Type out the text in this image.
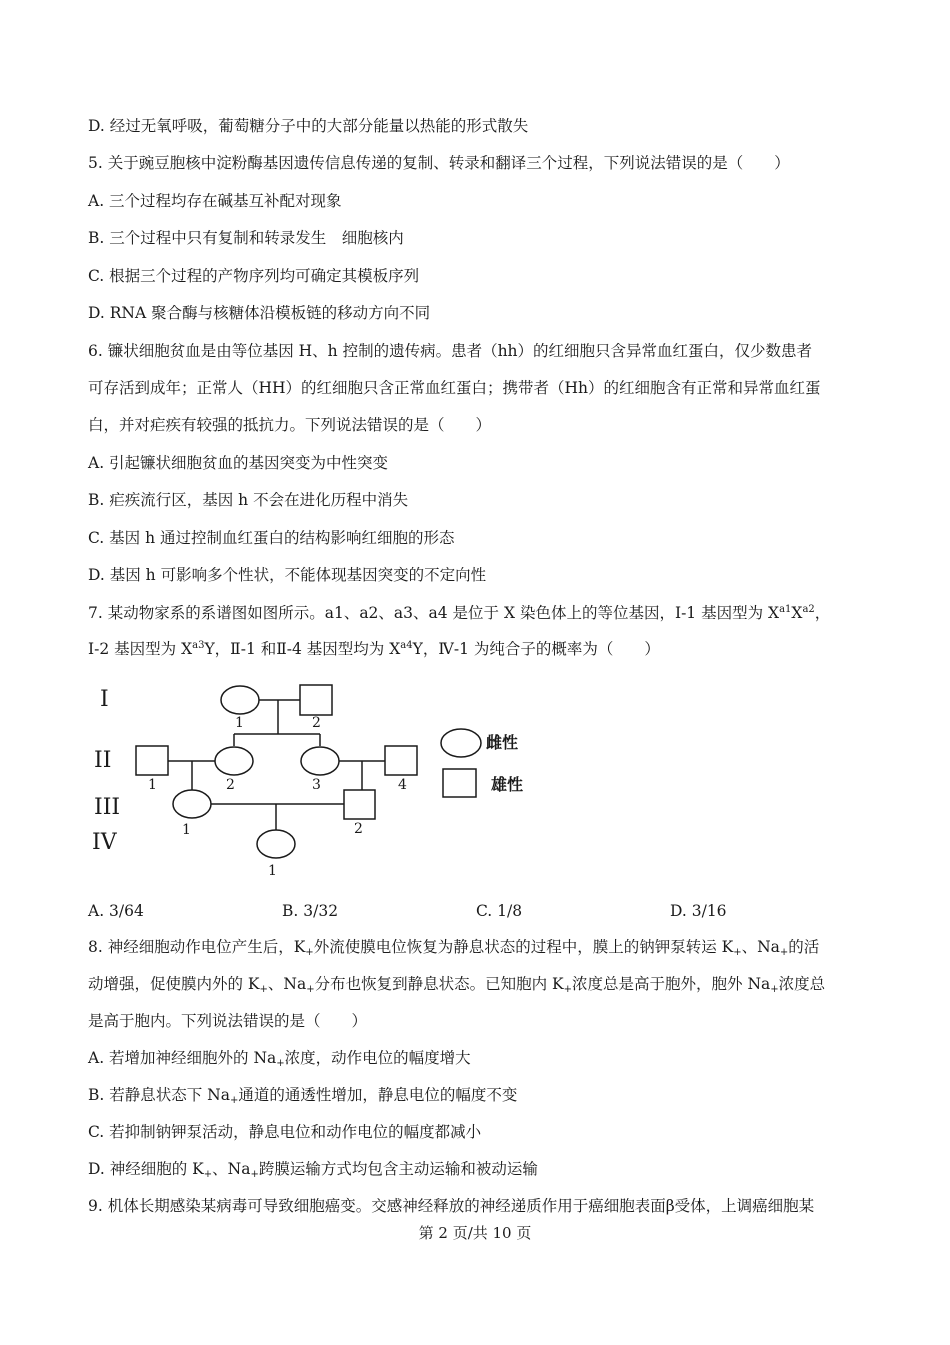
D. 经过无氧呼吸，葡萄糖分子中的大部分能量以热能的形式散失
5. 关于豌豆胞核中淀粉酶基因遗传信息传递的复制、转录和翻译三个过程，下列说法错误的是（　　）
A. 三个过程均存在碱基互补配对现象
B. 三个过程中只有复制和转录发生　细胞核内
C. 根据三个过程的产物序列均可确定其模板序列
D. RNA 聚合酶与核糖体沿模板链的移动方向不同
6. 镰状细胞贫血是由等位基因 H、h 控制的遗传病。患者（hh）的红细胞只含异常血红蛋白，仅少数患者
可存活到成年；正常人（HH）的红细胞只含正常血红蛋白；携带者（Hh）的红细胞含有正常和异常血红蛋
白，并对疟疾有较强的抵抗力。下列说法错误的是（　　）
A. 引起镰状细胞贫血的基因突变为中性突变
B. 疟疾流行区，基因 h 不会在进化历程中消失
C. 基因 h 通过控制血红蛋白的结构影响红细胞的形态
D. 基因 h 可影响多个性状，不能体现基因突变的不定向性
7. 某动物家系的系谱图如图所示。a1、a2、a3、a4 是位于 X 染色体上的等位基因，Ⅰ-1 基因型为 $X^{a1}X^{a2}$，
Ⅰ-2 基因型为 $X^{a3}Y$，Ⅱ-1 和Ⅱ-4 基因型均为 $X^{a4}Y$，Ⅳ-1 为纯合子的概率为（　　）
I
II
III
IV
1	2
1	2	3	4
1	2
1
雌性
雄性
A. 3/64	B. 3/32	C. 1/8	D. 3/16
8. 神经细胞动作电位产生后，$K_+$外流使膜电位恢复为静息状态的过程中，膜上的钠钾泵转运 $K_+$、$Na_+$的活
动增强，促使膜内外的 $K_+$、$Na_+$分布也恢复到静息状态。已知胞内 $K_+$浓度总是高于胞外，胞外 $Na_+$浓度总
是高于胞内。下列说法错误的是（　　）
A. 若增加神经细胞外的 $Na_+$浓度，动作电位的幅度增大
B. 若静息状态下 $Na_+$通道的通透性增加，静息电位的幅度不变
C. 若抑制钠钾泵活动，静息电位和动作电位的幅度都减小
D. 神经细胞的 $K_+$、$Na_+$跨膜运输方式均包含主动运输和被动运输
9. 机体长期感染某病毒可导致细胞癌变。交感神经释放的神经递质作用于癌细胞表面β受体，上调癌细胞某
第 2 页/共 10 页
